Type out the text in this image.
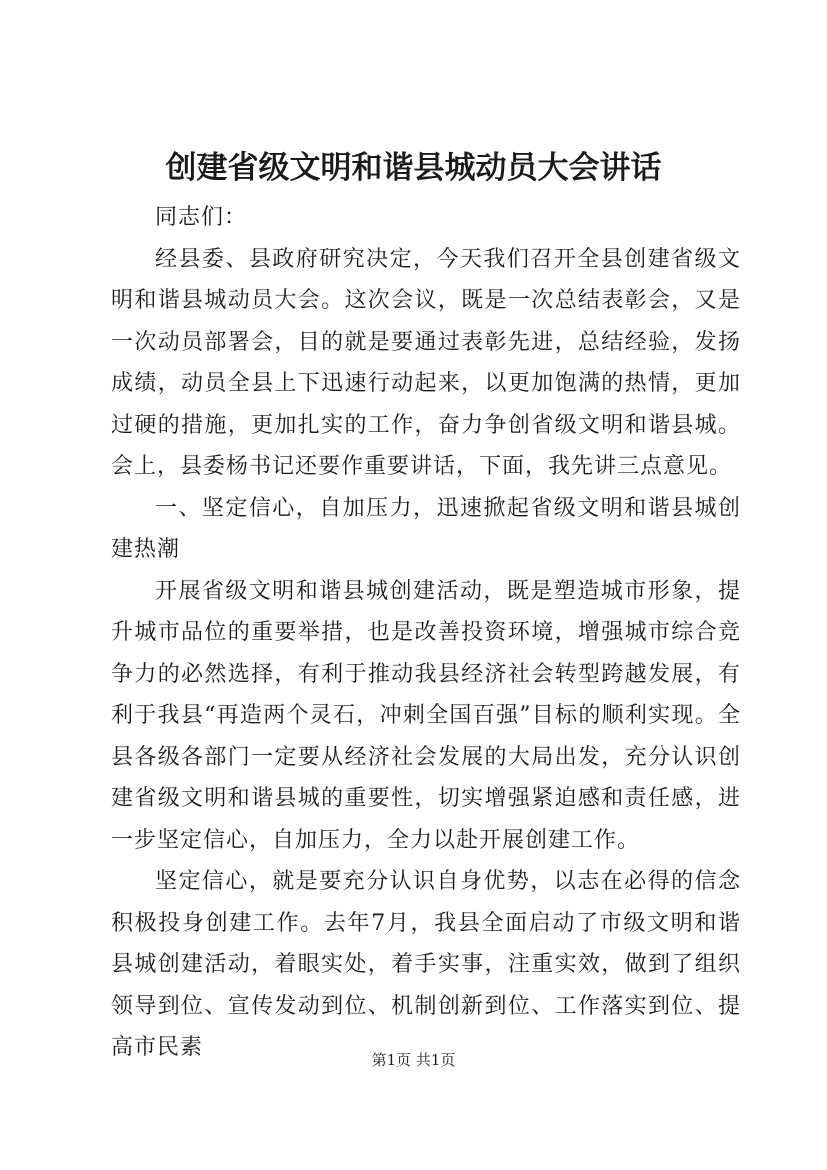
创建省级文明和谐县城动员大会讲话

同志们：

经县委、县政府研究决定，今天我们召开全县创建省级文明和谐县城动员大会。这次会议，既是一次总结表彰会，又是一次动员部署会，目的就是要通过表彰先进，总结经验，发扬成绩，动员全县上下迅速行动起来，以更加饱满的热情，更加过硬的措施，更加扎实的工作，奋力争创省级文明和谐县城。会上，县委杨书记还要作重要讲话，下面，我先讲三点意见。

一、坚定信心，自加压力，迅速掀起省级文明和谐县城创建热潮

开展省级文明和谐县城创建活动，既是塑造城市形象，提升城市品位的重要举措，也是改善投资环境，增强城市综合竞争力的必然选择，有利于推动我县经济社会转型跨越发展，有利于我县“再造两个灵石，冲刺全国百强”目标的顺利实现。全县各级各部门一定要从经济社会发展的大局出发，充分认识创建省级文明和谐县城的重要性，切实增强紧迫感和责任感，进一步坚定信心，自加压力，全力以赴开展创建工作。

坚定信心，就是要充分认识自身优势，以志在必得的信念积极投身创建工作。去年7月，我县全面启动了市级文明和谐县城创建活动，着眼实处，着手实事，注重实效，做到了组织领导到位、宣传发动到位、机制创新到位、工作落实到位、提高市民素	第1页 共1页
